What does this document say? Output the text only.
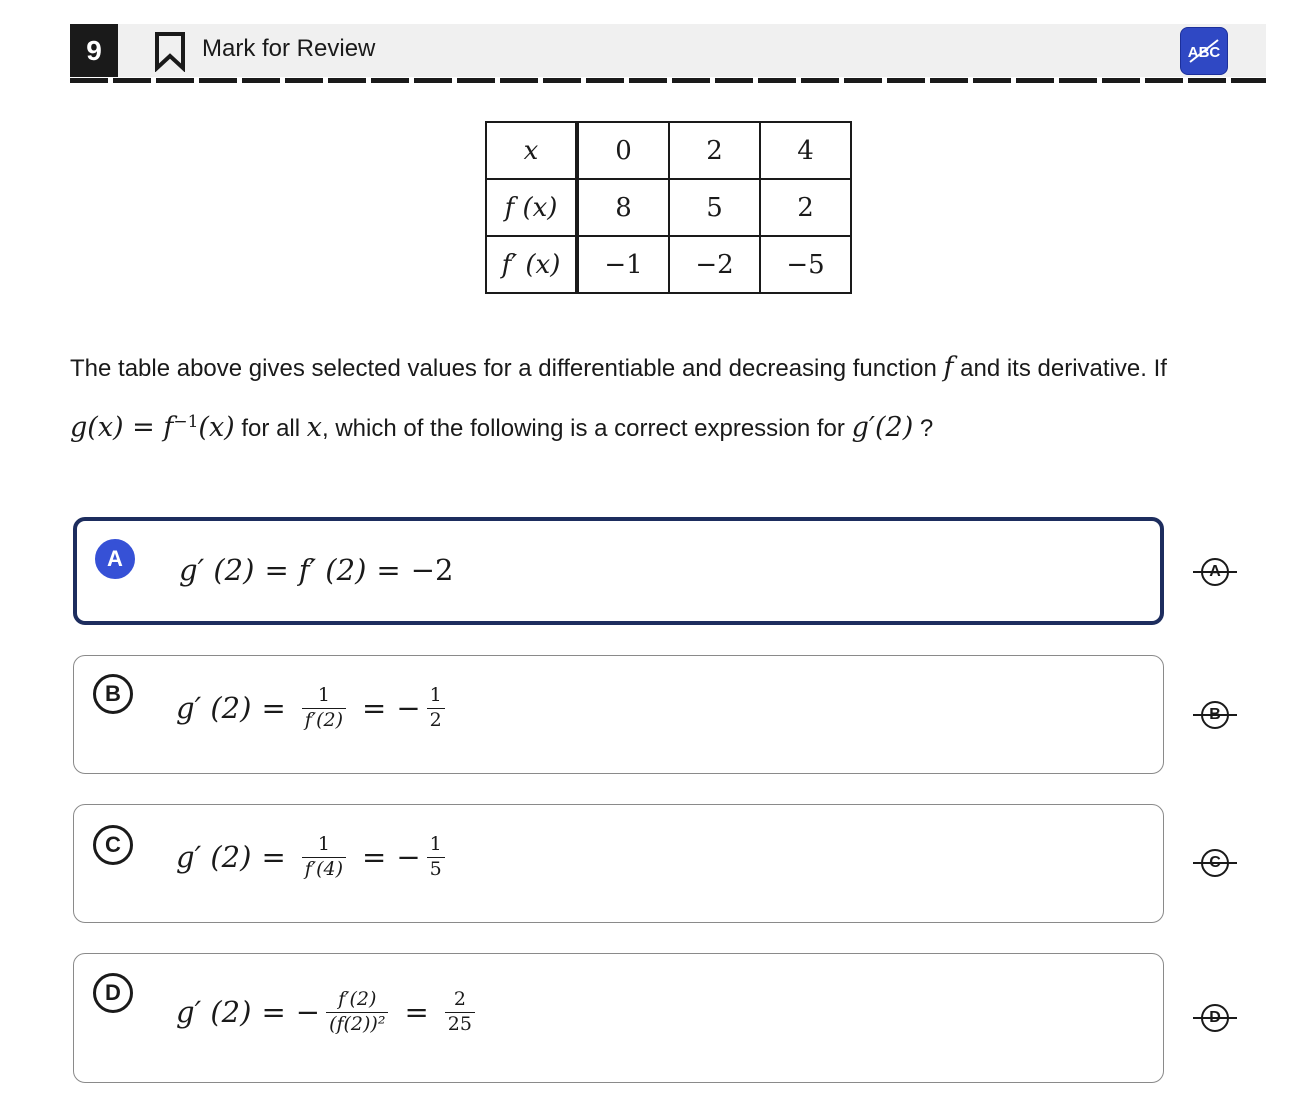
9	Mark for Review	ABC
x	0	2	4
f (x)	8	5	2
f′ (x)	−1	−2	−5
The table above gives selected values for a differentiable and decreasing function f and its derivative. If
$g(x) = f^{-1}(x)$ for all x, which of the following is a correct expression for g′(2) ?
A	g′ (2) = f′ (2) = −2
B	g′ $(2) = \frac{1}{f'(2)}$ = − $\frac{1}{2}$
C	g′ $(2) = \frac{1}{f'(4)}$ = − $\frac{1}{5}$
D
g′ (2) = − $\frac{f'(2)}{\text{(f(2))²}} = \frac{2}{25}$
